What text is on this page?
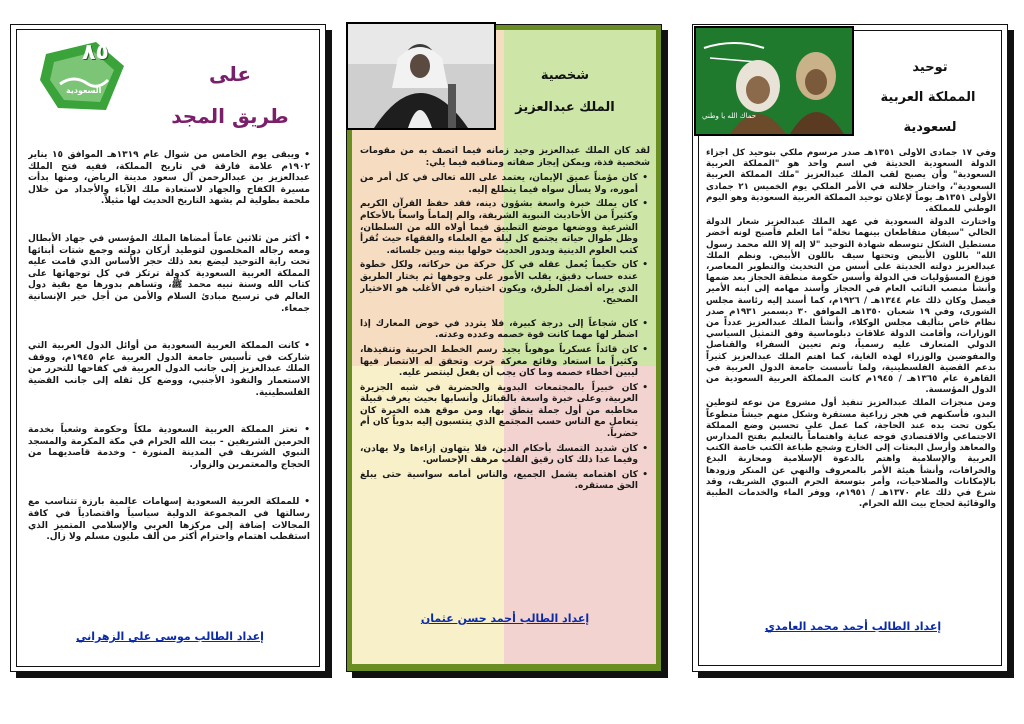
٨٥
السعودية
على
طريق المجد

• ويبقى يوم الخامس من شوال عام ١٣١٩هـ الموافق ١٥ يناير ١٩٠٢م علامة فارقة في تاريخ المملكة، ففيه فتح الملك عبدالعزيز بن عبدالرحمن آل سعود مدينة الرياض، ومنها بدأت مسيرة الكفاح والجهاد لاستعادة ملك الآباء والأجداد من خلال ملحمة بطولية لم يشهد التاريخ الحديث لها مثيلاً.

• أكثر من ثلاثين عاماً أمضاها الملك المؤسس في جهاد الأبطال ومعه رجاله المخلصون لتوطيد أركان دولته وجمع شتات أبنائها تحت راية التوحيد ليضع بعد ذلك حجر الأساس الذي قامت عليه المملكة العربية السعودية كدولة ترتكز في كل توجهاتها على كتاب الله وسنة نبيه محمد ﷺ، وتساهم بدورها مع بقية دول العالم في ترسيخ مبادئ السلام والأمن من أجل خير الإنسانية جمعاء.

• كانت المملكة العربية السعودية من أوائل الدول العربية التي شاركت في تأسيس جامعة الدول العربية عام ١٩٤٥م، ووقف الملك عبدالعزيز إلى جانب الدول العربية في كفاحها للتحرر من الاستعمار والنفوذ الأجنبي، ووضع كل ثقله إلى جانب القضية الفلسطينية.

• تعتز المملكة العربية السعودية ملكاً وحكومة وشعباً بخدمة الحرمين الشريفين - بيت الله الحرام في مكة المكرمة والمسجد النبوي الشريف في المدينة المنورة - وخدمة قاصديهما من الحجاج والمعتمرين والزوار.

• للمملكة العربية السعودية إسهامات عالمية بارزة تتناسب مع رسالتها في المجموعة الدولية سياسياً واقتصادياً في كافة المجالات إضافة إلى مركزها العربي والإسلامي المتميز الذي استقطب اهتمام واحترام أكثر من ألف مليون مسلم ولا زال.

إعداد الطالب موسى علي الزهراني
شخصية
الملك عبدالعزيز

لقد كان الملك عبدالعزيز وحيد زمانه فيما اتصف به من مقومات شخصية فذة، ويمكن إيجاز صفاته ومناقبه فيما يلي:

• كان مؤمناً عميق الإيمان، يعتمد على الله تعالى في كل أمر من أموره، ولا يسأل سواه فيما يتطلع إليه.
• كان يملك خبرة واسعة بشؤون دينه، فقد حفظ القرآن الكريم وكثيراً من الأحاديث النبوية الشريفة، والم إلماماً واسعاً بالأحكام الشرعية ووضعها موضع التطبيق فيما أولاه الله من السلطان، وظل طوال حياته يجتمع كل ليلة مع العلماء والفقهاء حيث تُقرأ كتب العلوم الدينية ويدور الحديث حولها بينه وبين جلسائه.
• كان حكيماً يُعمل عقله في كل حركة من حركاته، ولكل خطوة عنده حساب دقيق، يقلب الأمور على وجوهها ثم يختار الطريق الذي يراه أفضل الطرق، ويكون اختياره في الأغلب هو الاختيار الصحيح.
• كان شجاعاً إلى درجة كبيرة، فلا يتردد في خوض المعارك إذا اضطر لها مهما كانت قوة خصمه وعدده وعدته.
• كان قائداً عسكرياً موهوباً يجيد رسم الخطط الحربية وتنفيذها، وكثيراً ما استعاد وقائع معركة جرت وتحقق له الانتصار فيها ليبين أخطاء خصمه وما كان يجب أن يفعل لينتصر عليه.
• كان خبيراً بالمجتمعات البدوية والحضرية في شبه الجزيرة العربية، وعلى خبرة واسعة بالقبائل وأنسابها بحيث يعرف قبيلة مخاطبه من أول جملة ينطق بها، ومن موقع هذه الخبرة كان يتعامل مع الناس حسب المجتمع الذي ينتسبون إليه بدوياً كان أم حضرياً.
• كان شديد التمسك بأحكام الدين، فلا يتهاون إزاءها ولا يهادن، وفيما عدا ذلك كان رقيق القلب مرهف الإحساس.
• كان اهتمامه يشمل الجميع، والناس أمامه سواسية حتى يبلغ الحق مستقره.
إعداد الطالب أحمد حسن عثمان
حماك الله يا وطني
توحيد
المملكة العربية
لسعودية

وفي ١٧ جمادى الأولى ١٣٥١هـ صدر مرسوم ملكي بتوحيد كل أجزاء الدولة السعودية الحديثة في اسم واحد هو "المملكة العربية السعودية" وأن يصبح لقب الملك عبدالعزيز "ملك المملكة العربية السعودية"، واختار جلالته في الأمر الملكي يوم الخميس ٢١ جمادى الأولى ١٣٥١هـ يوماً لإعلان توحيد المملكة العربية السعودية وهو اليوم الوطني للمملكة.

واختارت الدولة السعودية في عهد الملك عبدالعزيز شعار الدولة الحالي "سيفان متقاطعان بينهما نخلة" أما العلم فأصبح لونه أخضر مستطيل الشكل تتوسطه شهادة التوحيد "لا إله إلا الله محمد رسول الله" باللون الأبيض وتحتها سيف باللون الأبيض. ونظم الملك عبدالعزيز دولته الحديثة على أسس من التحديث والتطوير المعاصر، فوزع المسؤوليات في الدولة وأسس حكومة منطقة الحجاز بعد ضمها وأنشأ منصب النائب العام في الحجاز وأسند مهامه إلى ابنه الأمير فيصل وكان ذلك عام ١٣٤٤هـ / ١٩٢٦م، كما أسند إليه رئاسة مجلس الشورى، وفي ١٩ شعبان ١٣٥٠هـ الموافق ٣٠ ديسمبر ١٩٣١م صدر نظام خاص بتأليف مجلس الوكلاء، وأنشأ الملك عبدالعزيز عدداً من الوزارات، وأقامت الدولة علاقات دبلوماسية وفق التمثيل السياسي الدولي المتعارف عليه رسمياً، وتم تعيين السفراء والقناصل والمفوضين والوزراء لهذه الغاية، كما اهتم الملك عبدالعزيز كثيراً بدعم القضية الفلسطينية، ولما تأسست جامعة الدول العربية في القاهرة عام ١٣٦٥هـ / ١٩٤٥م كانت المملكة العربية السعودية من الدول المؤسسة.

ومن منجزات الملك عبدالعزيز تنفيذ أول مشروع من نوعه لتوطين البدو، فأسكنهم في هجر زراعية مستقرة وشكل منهم جيشاً متطوعاً يكون تحت يده عند الحاجة، كما عمل على تحسين وضع المملكة الاجتماعي والاقتصادي فوجه عناية واهتماماً بالتعليم بفتح المدارس والمعاهد وأرسل البعثات إلى الخارج وشجع طباعة الكتب خاصة الكتب العربية والإسلامية واهتم بالدعوة الإسلامية ومحاربة البدع والخرافات، وأنشأ هيئة الأمر بالمعروف والنهي عن المنكر وزودها بالإمكانات والصلاحيات، وأمر بتوسعة الحرم النبوي الشريف، وقد شرع في ذلك عام ١٣٧٠هـ / ١٩٥١م، ووفر الماء والخدمات الطبية والوقائية لحجاج بيت الله الحرام.

إعداد الطالب أحمد محمد العامدي
